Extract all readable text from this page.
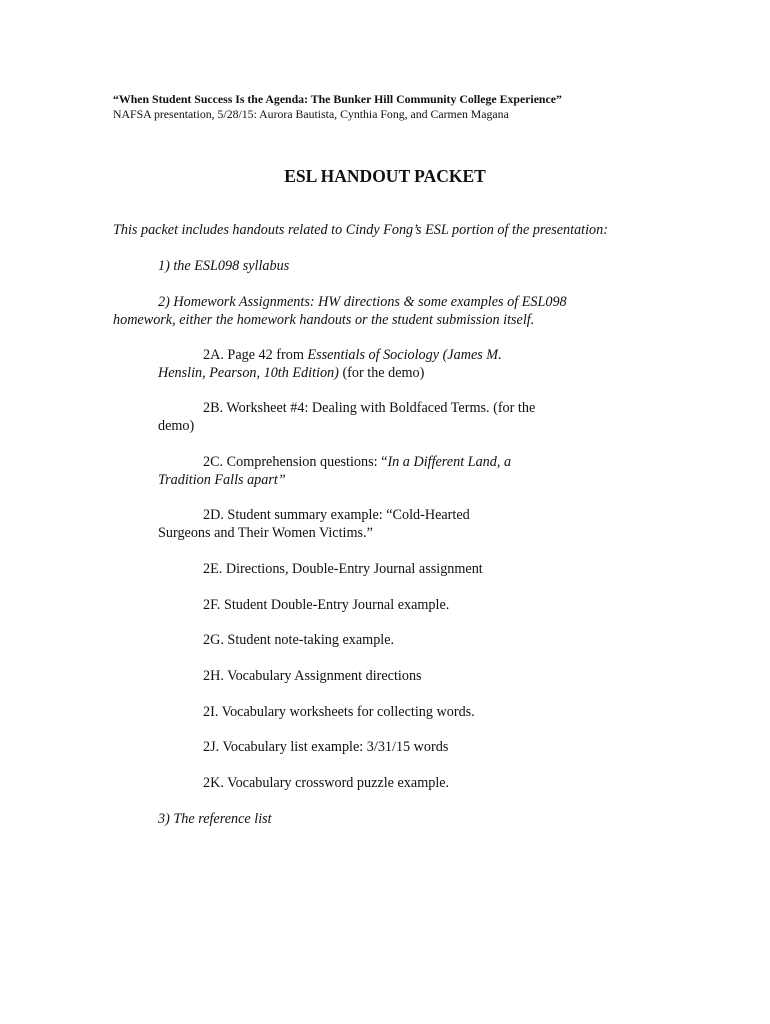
“When Student Success Is the Agenda: The Bunker Hill Community College Experience”

NAFSA presentation, 5/28/15: Aurora Bautista, Cynthia Fong, and Carmen Magana

ESL HANDOUT PACKET

This packet includes handouts related to Cindy Fong’s ESL portion of the presentation:

1) the ESL098 syllabus

2) Homework Assignments: HW directions & some examples of ESL098

homework, either the homework handouts or the student submission itself.

2A. Page 42 from Essentials of Sociology (James M.

Henslin, Pearson, 10th Edition) (for the demo)

2B. Worksheet #4: Dealing with Boldfaced Terms. (for the

demo)

2C. Comprehension questions: “In a Different Land, a

Tradition Falls apart”

2D. Student summary example: “Cold-Hearted

Surgeons and Their Women Victims.”

2E. Directions, Double-Entry Journal assignment

2F. Student Double-Entry Journal example.

2G. Student note-taking example.

2H. Vocabulary Assignment directions

2I. Vocabulary worksheets for collecting words.

2J. Vocabulary list example: 3/31/15 words

2K. Vocabulary crossword puzzle example.

3) The reference list
